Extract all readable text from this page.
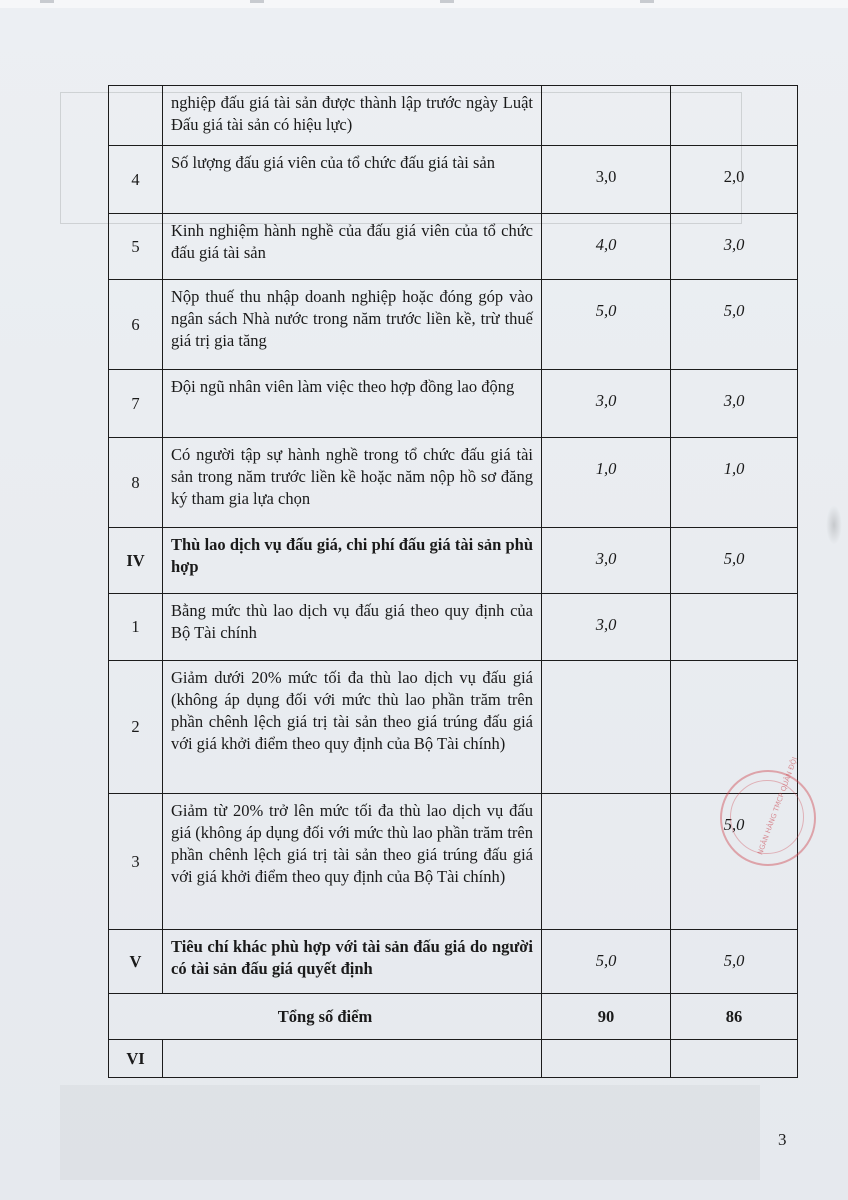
	nghiệp đấu giá tài sản được thành lập trước ngày Luật Đấu giá tài sản có hiệu lực)		
4	Số lượng đấu giá viên của tổ chức đấu giá tài sản	3,0	2,0
5	Kinh nghiệm hành nghề của đấu giá viên của tổ chức đấu giá tài sản	4,0	3,0
6	Nộp thuế thu nhập doanh nghiệp hoặc đóng góp vào ngân sách Nhà nước trong năm trước liền kề, trừ thuế giá trị gia tăng	5,0	5,0
7	Đội ngũ nhân viên làm việc theo hợp đồng lao động	3,0	3,0
8	Có người tập sự hành nghề trong tổ chức đấu giá tài sản trong năm trước liền kề hoặc năm nộp hồ sơ đăng ký tham gia lựa chọn	1,0	1,0
IV	Thù lao dịch vụ đấu giá, chi phí đấu giá tài sản phù hợp	3,0	5,0
1	Bằng mức thù lao dịch vụ đấu giá theo quy định của Bộ Tài chính	3,0	
2	Giảm dưới 20% mức tối đa thù lao dịch vụ đấu giá (không áp dụng đối với mức thù lao phần trăm trên phần chênh lệch giá trị tài sản theo giá trúng đấu giá với giá khởi điểm theo quy định của Bộ Tài chính)		
3	Giảm từ 20% trở lên mức tối đa thù lao dịch vụ đấu giá (không áp dụng đối với mức thù lao phần trăm trên phần chênh lệch giá trị tài sản theo giá trúng đấu giá với giá khởi điểm theo quy định của Bộ Tài chính)		5,0
V	Tiêu chí khác phù hợp với tài sản đấu giá do người có tài sản đấu giá quyết định	5,0	5,0
Tổng số điểm		90	86
VI			
NGÂN HÀNG TMCP QUÂN ĐỘI
3
